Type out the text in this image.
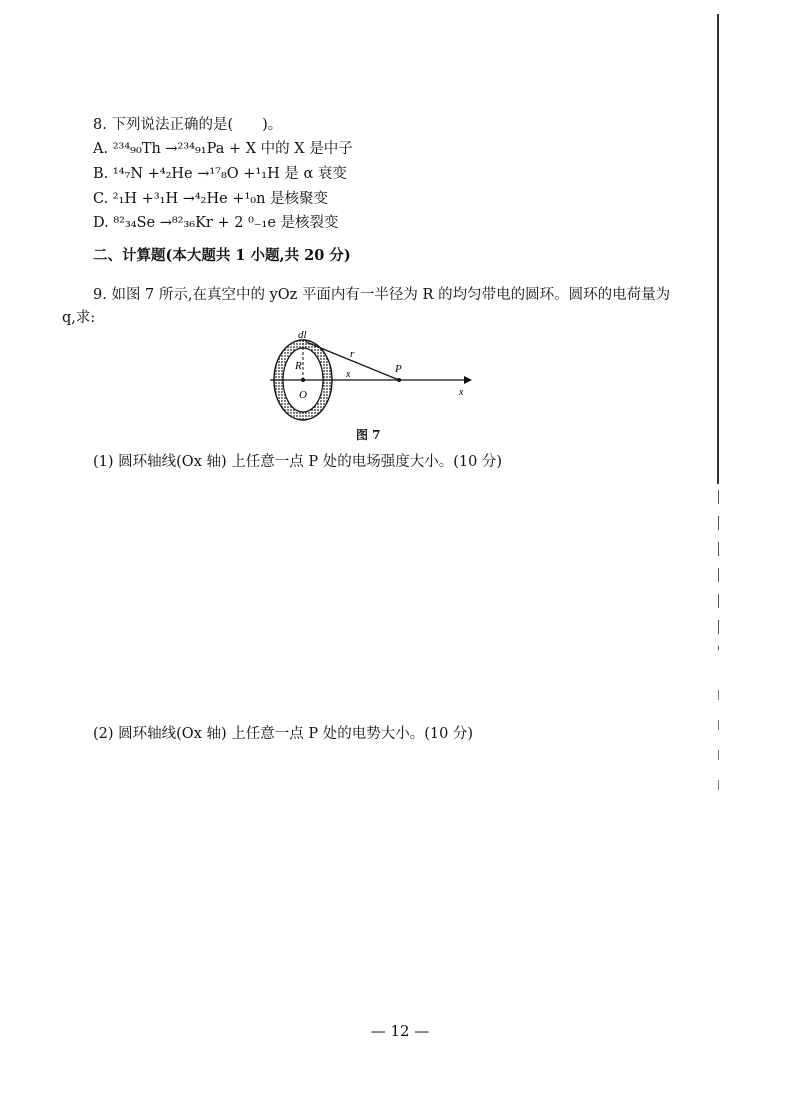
8. 下列说法正确的是(　　)。
A. ²³⁴₉₀Th →²³⁴₉₁Pa + X 中的 X 是中子
B. ¹⁴₇N +⁴₂He →¹⁷₈O +¹₁H 是 α 衰变
C. ²₁H +³₁H →⁴₂He +¹₀n 是核聚变
D. ⁸²₃₄Se →⁸²₃₆Kr + 2 ⁰₋₁e 是核裂变
二、计算题(本大题共 1 小题,共 20 分)
9. 如图 7 所示,在真空中的 yOz 平面内有一半径为 R 的均匀带电的圆环。圆环的电荷量为
q,求:
dl
R
r
P
x
O	x
图 7
(1) 圆环轴线(Ox 轴) 上任意一点 P 处的电场强度大小。(10 分)
(2) 圆环轴线(Ox 轴) 上任意一点 P 处的电势大小。(10 分)
— 12 —
